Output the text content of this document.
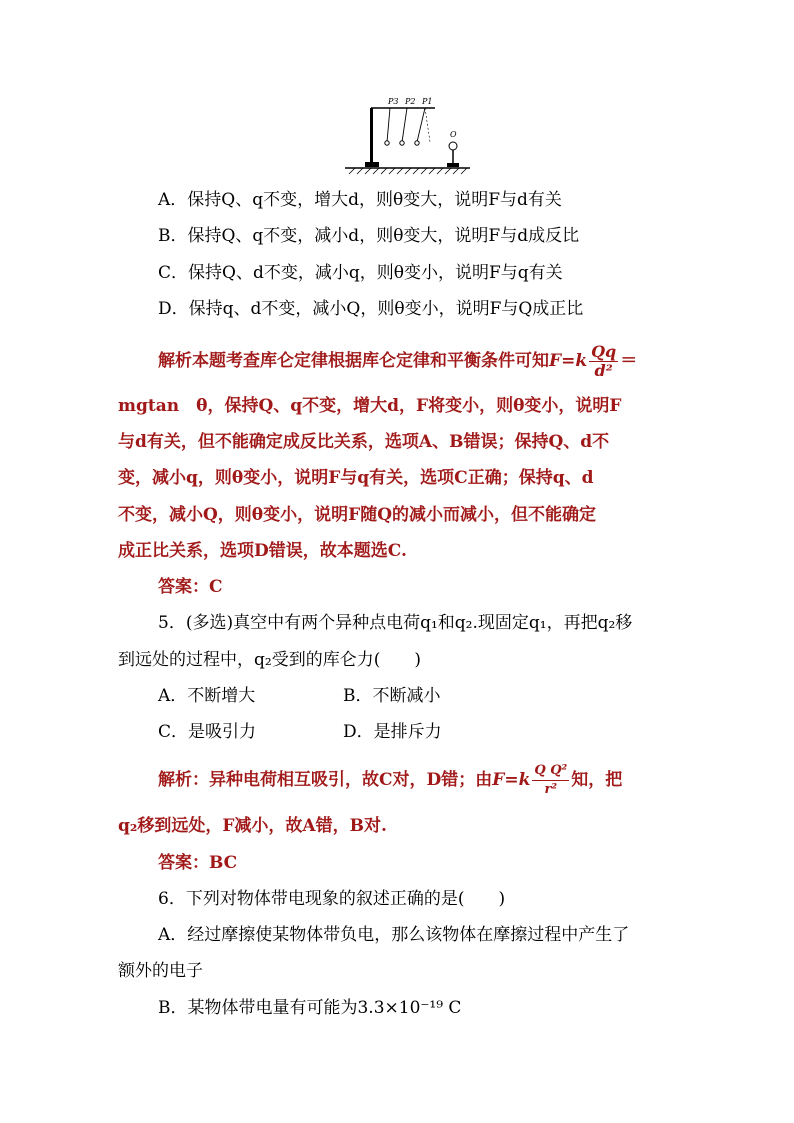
P3 P2 P1
O
A．保持Q、q不变，增大d，则θ变大，说明F与d有关
B．保持Q、q不变，减小d，则θ变大，说明F与d成反比
C．保持Q、d不变，减小q，则θ变小，说明F与q有关
D．保持q、d不变，减小Q，则θ变小，说明F与Q成正比
解析本题考查库仑定律根据库仑定律和平衡条件可知$F=k \frac{Qq}{\text{d²}}$ ＝
mgtan　θ，保持Q、q不变，增大d，F将变小，则θ变小，说明F
与d有关，但不能确定成反比关系，选项A、B错误；保持Q、d不
变，减小q，则θ变小，说明F与q有关，选项C正确；保持q、d
不变，减小Q，则θ变小，说明F随Q的减小而减小，但不能确定
成正比关系，选项D错误，故本题选C.
答案：C
5．(多选)真空中有两个异种点电荷q₁和q₂.现固定q₁，再把q₂移
到远处的过程中，q₂受到的库仑力(　　)
A．不断增大	B．不断减小
C．是吸引力	D．是排斥力
解析：异种电荷相互吸引，故C对，D错；由$F=k \frac{\text{Q Q²}}{\text{r²}}$ 知，把
q₂移到远处，F减小，故A错，B对.
答案：BC
6．下列对物体带电现象的叙述正确的是(　　)
A．经过摩擦使某物体带负电，那么该物体在摩擦过程中产生了
额外的电子
B．某物体带电量有可能为3.3×10⁻¹⁹ C
